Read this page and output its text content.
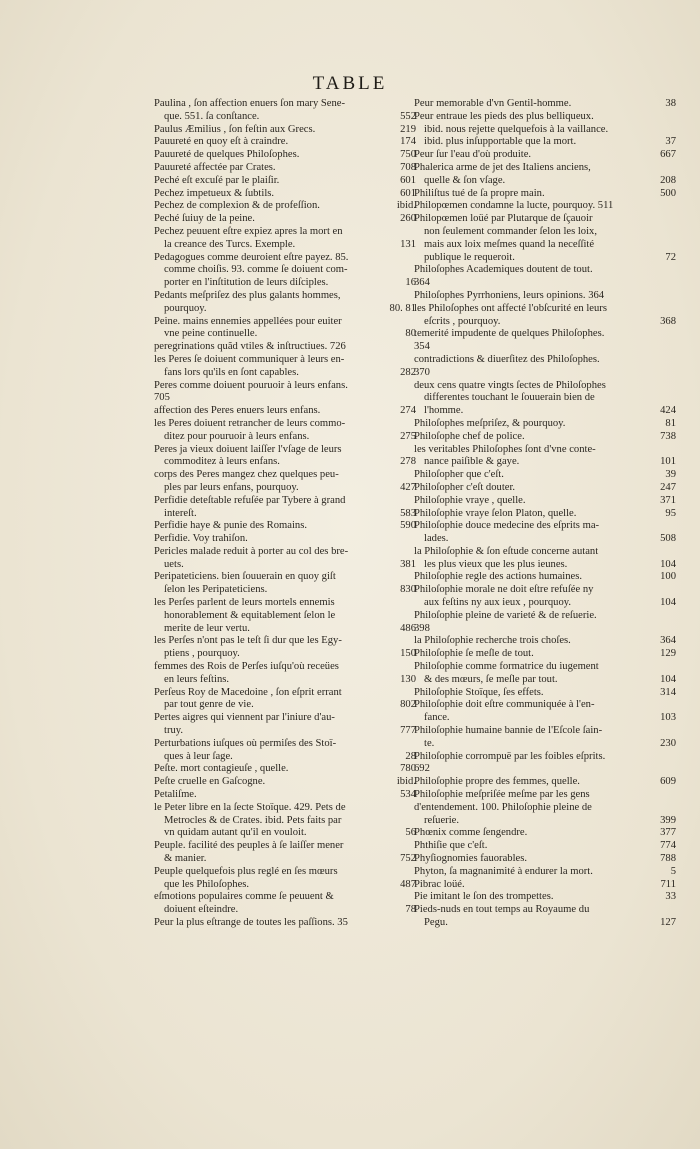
TABLE
Paulina , ſon affection enuers ſon mary Sene-
que. 551. ſa conſtance.	552
Paulus Æmilius , ſon feſtin aux Grecs.	219
Pauureté en quoy eſt à craindre.	174
Pauureté de quelques Philoſophes.	750
Pauureté affectée par Crates.	708
Peché eſt excuſé par le plaiſir.	601
Pechez impetueux & ſubtils.	601
Pechez de complexion & de profeſſion.	ibid.
Peché ſuiuy de la peine.	260
Pechez peuuent eſtre expiez apres la mort en
la creance des Turcs. Exemple.	131
Pedagogues comme deuroient eſtre payez. 85.
comme choiſis. 93. comme ſe doiuent com-
porter en l'inſtitution de leurs diſciples.	16
Pedants meſpriſez des plus galants hommes,
pourquoy.	80. 81
Peine. mains ennemies appellées pour euiter
vne peine continuelle.	80
peregrinations quãd vtiles & inſtructiues. 726
les Peres ſe doiuent communiquer à leurs en-
fans lors qu'ils en ſont capables.	282
Peres comme doiuent pouruoir à leurs enfans.
705
affection des Peres enuers leurs enfans.	274
les Peres doiuent retrancher de leurs commo-
ditez pour pouruoir à leurs enfans.	275
Peres ja vieux doiuent laiſſer l'vſage de leurs
commoditez à leurs enfans.	278
corps des Peres mangez chez quelques peu-
ples par leurs enfans, pourquoy.	427
Perfidie deteſtable refuſée par Tybere à grand
intereſt.	583
Perfidie haye & punie des Romains.	590
Perfidie. Voy trahiſon.
Pericles malade reduit à porter au col des bre-
uets.	381
Peripateticiens. bien ſouuerain en quoy giſt
ſelon les Peripateticiens.	830
les Perſes parlent de leurs mortels ennemis
honorablement & equitablement ſelon le
merite de leur vertu.	486
les Perſes n'ont pas le teſt ſi dur que les Egy-
ptiens , pourquoy.	150
femmes des Rois de Perſes iuſqu'où receües
en leurs feſtins.	130
Perſeus Roy de Macedoine , ſon eſprit errant
par tout genre de vie.	802
Pertes aigres qui viennent par l'iniure d'au-
truy.	777
Perturbations iuſques où permiſes des Stoï-
ques à leur ſage.	28
Peſte. mort contagieuſe , quelle.	780
Peſte cruelle en Gaſcogne.	ibid.
Petaliſme.	534
le Peter libre en la ſecte Stoïque. 429. Pets de
Metrocles & de Crates. ibid. Pets faits par
vn quidam autant qu'il en vouloit.	56
Peuple. facilité des peuples à ſe laiſſer mener
& manier.	752
Peuple quelquefois plus reglé en ſes mœurs
que les Philoſophes.	487
eſmotions populaires comme ſe peuuent &
doiuent eſteindre.	78
Peur la plus eſtrange de toutes les paſſions. 35
Peur memorable d'vn Gentil-homme.	38
Peur entraue les pieds des plus belliqueux.
ibid. nous rejette quelquefois à la vaillance.
ibid. plus inſupportable que la mort.	37
Peur ſur l'eau d'où produite.	667
Phalerica arme de jet des Italiens anciens,
quelle & ſon vſage.	208
Philiſtus tué de ſa propre main.	500
Philopœmen condamne la lucte, pourquoy. 511
Philopœmen loüé par Plutarque de ſçauoir
non ſeulement commander ſelon les loix,
mais aux loix meſmes quand la neceſſité
publique le requeroit.	72
Philoſophes Academiques doutent de tout.
364
Philoſophes Pyrrhoniens, leurs opinions. 364
les Philoſophes ont affecté l'obſcurité en leurs
eſcrits , pourquoy.	368
temerité impudente de quelques Philoſophes.
354
contradictions & diuerſitez des Philoſophes.
370
deux cens quatre vingts ſectes de Philoſophes
differentes touchant le ſouuerain bien de
l'homme.	424
Philoſophes meſpriſez, & pourquoy.	81
Philoſophe chef de police.	738
les veritables Philoſophes ſont d'vne conte-
nance paiſible & gaye.	101
Philoſopher que c'eſt.	39
Philoſopher c'eſt douter.	247
Philoſophie vraye , quelle.	371
Philoſophie vraye ſelon Platon, quelle.	95
Philoſophie douce medecine des eſprits ma-
lades.	508
la Philoſophie & ſon eſtude concerne autant
les plus vieux que les plus ieunes.	104
Philoſophie regle des actions humaines.	100
Philoſophie morale ne doit eſtre refuſée ny
aux feſtins ny aux ieux , pourquoy.	104
Philoſophie pleine de varieté & de reſuerie.
398
la Philoſophie recherche trois choſes.	364
Philoſophie ſe meſle de tout.	129
Philoſophie comme formatrice du iugement
& des mœurs, ſe meſle par tout.	104
Philoſophie Stoïque, ſes effets.	314
Philoſophie doit eſtre communiquée à l'en-
fance.	103
Philoſophie humaine bannie de l'Eſcole ſain-
te.	230
Philoſophie corrompuë par les foibles eſprits.
692
Philoſophie propre des femmes, quelle.	609
Philoſophie meſpriſée meſme par les gens
d'entendement. 100. Philoſophie pleine de
reſuerie.	399
Phœnix comme ſengendre.	377
Phthiſie que c'eſt.	774
Phyſiognomies fauorables.	788
Phyton, ſa magnanimité à endurer la mort.	5
Pibrac loüé.	711
Pie imitant le ſon des trompettes.	33
Pieds-nuds en tout temps au Royaume du
Pegu.	127
